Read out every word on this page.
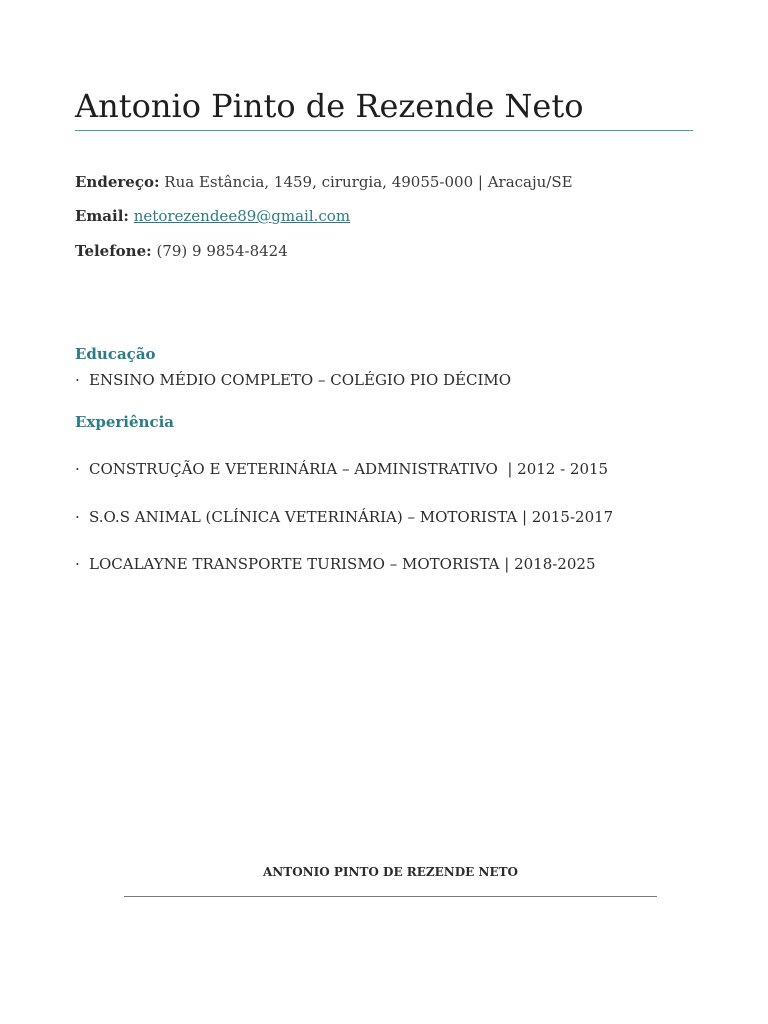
Antonio Pinto de Rezende Neto
Endereço: Rua Estância, 1459, cirurgia, 49055-000 | Aracaju/SE
Email: netorezendee89@gmail.com
Telefone: (79) 9 9854-8424
Educação
· ENSINO MÉDIO COMPLETO – COLÉGIO PIO DÉCIMO
Experiência
· CONSTRUÇÃO E VETERINÁRIA – ADMINISTRATIVO  | 2012 - 2015
· S.O.S ANIMAL (CLÍNICA VETERINÁRIA) – MOTORISTA | 2015-2017
· LOCALAYNE TRANSPORTE TURISMO – MOTORISTA | 2018-2025
ANTONIO PINTO DE REZENDE NETO
